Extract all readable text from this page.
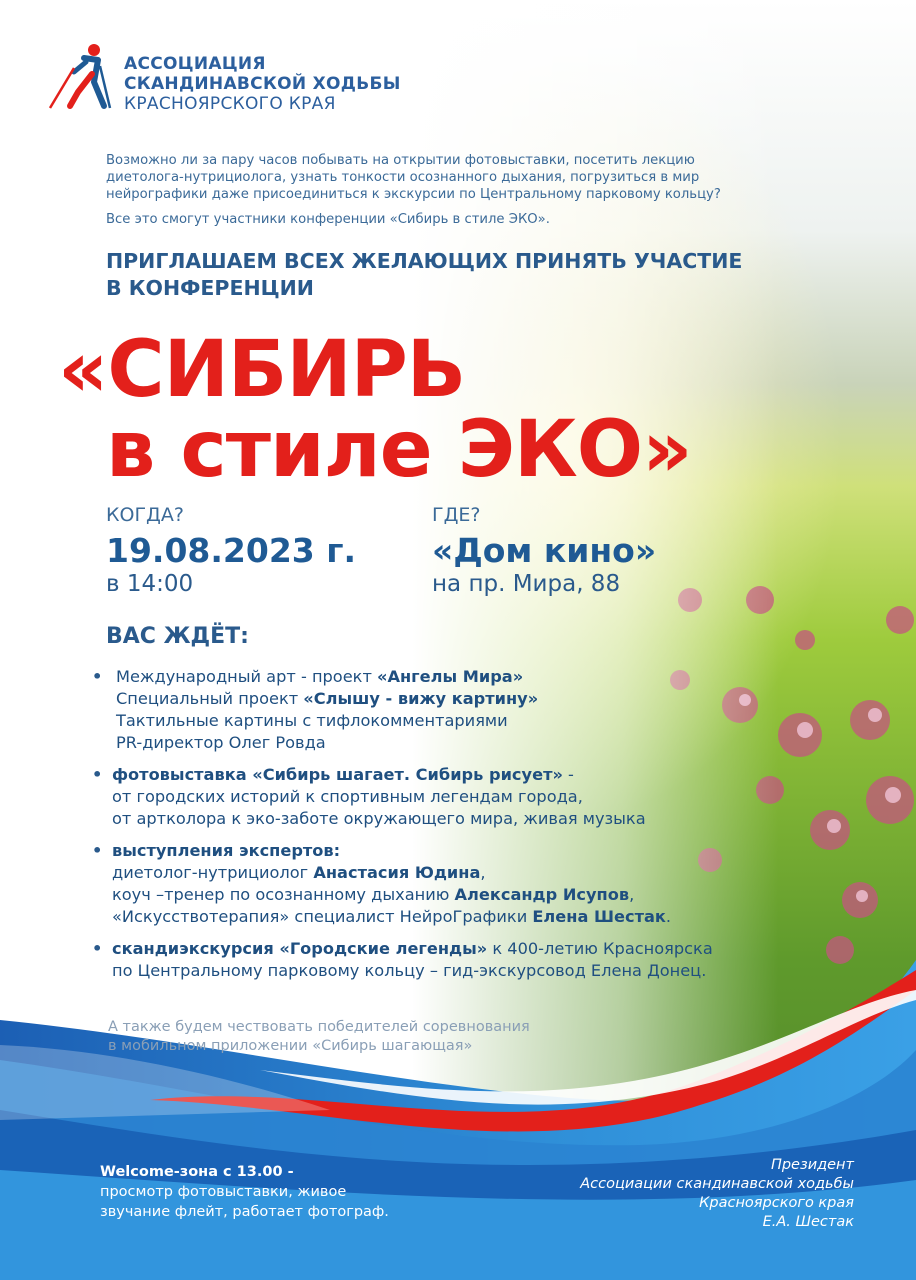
АССОЦИАЦИЯ
СКАНДИНАВСКОЙ ХОДЬБЫ
КРАСНОЯРСКОГО КРАЯ

Возможно ли за пару часов побывать на открытии фотовыставки, посетить лекцию диетолога-нутрициолога, узнать тонкости осознанного дыхания, погрузиться в мир нейрографики даже присоединиться к экскурсии по Центральному парковому кольцу?

Все это смогут участники конференции «Сибирь в стиле ЭКО».

ПРИГЛАШАЕМ ВСЕХ ЖЕЛАЮЩИХ ПРИНЯТЬ УЧАСТИЕ
В КОНФЕРЕНЦИИ
«СИБИРЬ
в стиле ЭКО»
КОГДА?
19.08.2023 г.
в 14:00
ГДЕ?
«Дом кино»
на пр. Мира, 88
ВАС ЖДЁТ:
• Международный арт - проект «Ангелы Мира»
Специальный проект «Слышу - вижу картину»
Тактильные картины с тифлокомментариями
PR-директор Олег Ровда
• фотовыставка «Сибирь шагает. Сибирь рисует» -
от городских историй к спортивным легендам города,
от артколора к эко-заботе окружающего мира, живая музыка
• выступления экспертов:
диетолог-нутрициолог Анастасия Юдина,
коуч –тренер по осознанному дыханию Александр Исупов,
«Искусствотерапия» специалист НейроГрафики Елена Шестак.
• скандиэкскурсия «Городские легенды» к 400-летию Красноярска
по Центральному парковому кольцу – гид-экскурсовод Елена Донец.
А также будем чествовать победителей соревнования
в мобильном приложении «Сибирь шагающая»
Welcome-зона с 13.00 -
просмотр фотовыставки, живое
звучание флейт, работает фотограф.
Президент
Ассоциации скандинавской ходьбы
Красноярского края
Е.А. Шестак
